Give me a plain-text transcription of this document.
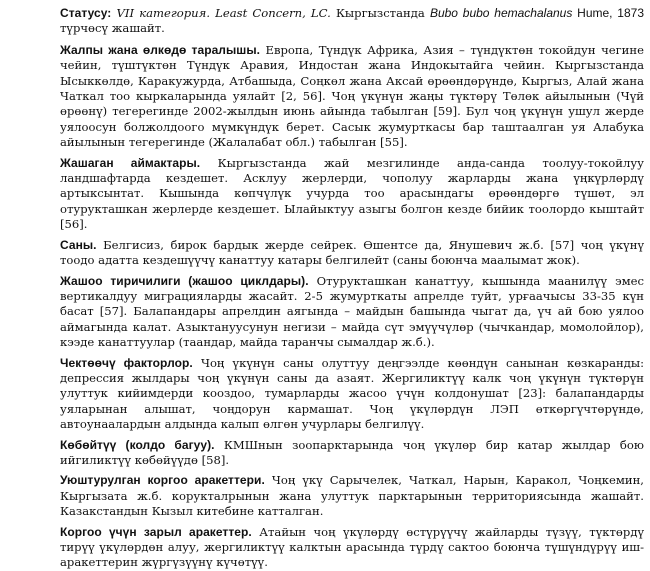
Статусу: VII категория. Least Concern, LC. Кыргызстанда Bubo bubo hemachalanus Hume, 1873 түрчөсү жашайт.

Жалпы жана өлкөдө таралышы. Европа, Түндүк Африка, Азия – түндүктөн токойдун чегине чейин, түштүктөн Түндүк Аравия, Индостан жана Индокытайга чейин. Кыргызстанда Ысыккөлдө, Каракужурда, Атбашыда, Соңкөл жана Аксай өрөөндөрүндө, Кыргыз, Алай жана Чаткал тоо кыркаларында уялайт [2, 56]. Чоң үкүнүн жаңы түктөрү Төлөк айылынын (Чүй өрөөнү) тегерегинде 2002-жылдын июнь айында табылган [59]. Бул чоң үкүнүн ушул жерде уялоосун болжолдоого мүмкүндүк берет. Сасык жумурткасы бар таштаалган уя Алабука айылынын тегерегинде (Жалалабат обл.) табылган [55].

Жашаган аймактары. Кыргызстанда жай мезгилинде анда-санда тоолуу-токойлуу ландшафтарда кездешет. Асклуу жерлерди, чополуу жарларды жана үңкүрлөрдү артыксынтат. Кышында көпчүлүк учурда тоо арасындагы өрөөндөргө түшөт, эл отурукташкан жерлерде кездешет. Ылайыктуу азыгы болгон кезде бийик тоолордо кыштайт [56].

Саны. Белгисиз, бирок бардык жерде сейрек. Өшентсе да, Янушевич ж.б. [57] чоң үкүнү тоодо адатта кездешүүчү канаттуу катары белгилейт (саны боюнча маалымат жок).

Жашоо тиричилиги (жашоо циклдары). Отурукташкан канаттуу, кышында маанилүү эмес вертикалдуу миграцияларды жасайт. 2-5 жумурткаты апрелде туйт, урғаачысы 33-35 күн басат [57]. Балапандары апрелдин аягында – майдын башында чыгат да, үч ай бою уялоо аймагында калат. Азыктануусунун негизи – майда сүт эмүүчүлөр (чычкандар, момолойлор), кээде канаттуулар (таандар, майда таранчы сымалдар ж.б.).

Чектөөчү факторлор. Чоң үкүнүн саны олуттуу деңгээлде көөндүн санынан көзкаранды: депрессия жылдары чоң үкүнүн саны да азаят. Жергиликтүү калк чоң үкүнүн түктөрүн улуттук кийимдерди кооздоо, тумарларды жасоо үчүн колдонушат [23]: балапандарды уяларынан алышат, чоңдорун кармашат. Чоң үкүлөрдүн ЛЭП өткөргүчтөрүндө, автоунаалардын алдында калып өлгөн учурлары белгилүү.

Көбөйтүү (колдо багуу). КМШнын зоопарктарында чоң үкүлөр бир катар жылдар бою ийгиликтүү көбөйүүдө [58].

Уюштурулган коргоо аракеттери. Чоң үкү Сарычелек, Чаткал, Нарын, Каракол, Чоңкемин, Кыргызата ж.б. корукталрынын жана улуттук парктарынын территориясында жашайт. Казакстандын Кызыл китебине катталган.

Коргоо үчүн зарыл аракеттер. Атайын чоң үкүлөрдү өстүрүүчү жайларды түзүү, түктөрдү тирүү үкүлөрдөн алуу, жергиликтүү калктын арасында түрдү сактоо боюнча түшүндүрүү иш-аракеттерин жүргүзүүнү күчөтүү.
